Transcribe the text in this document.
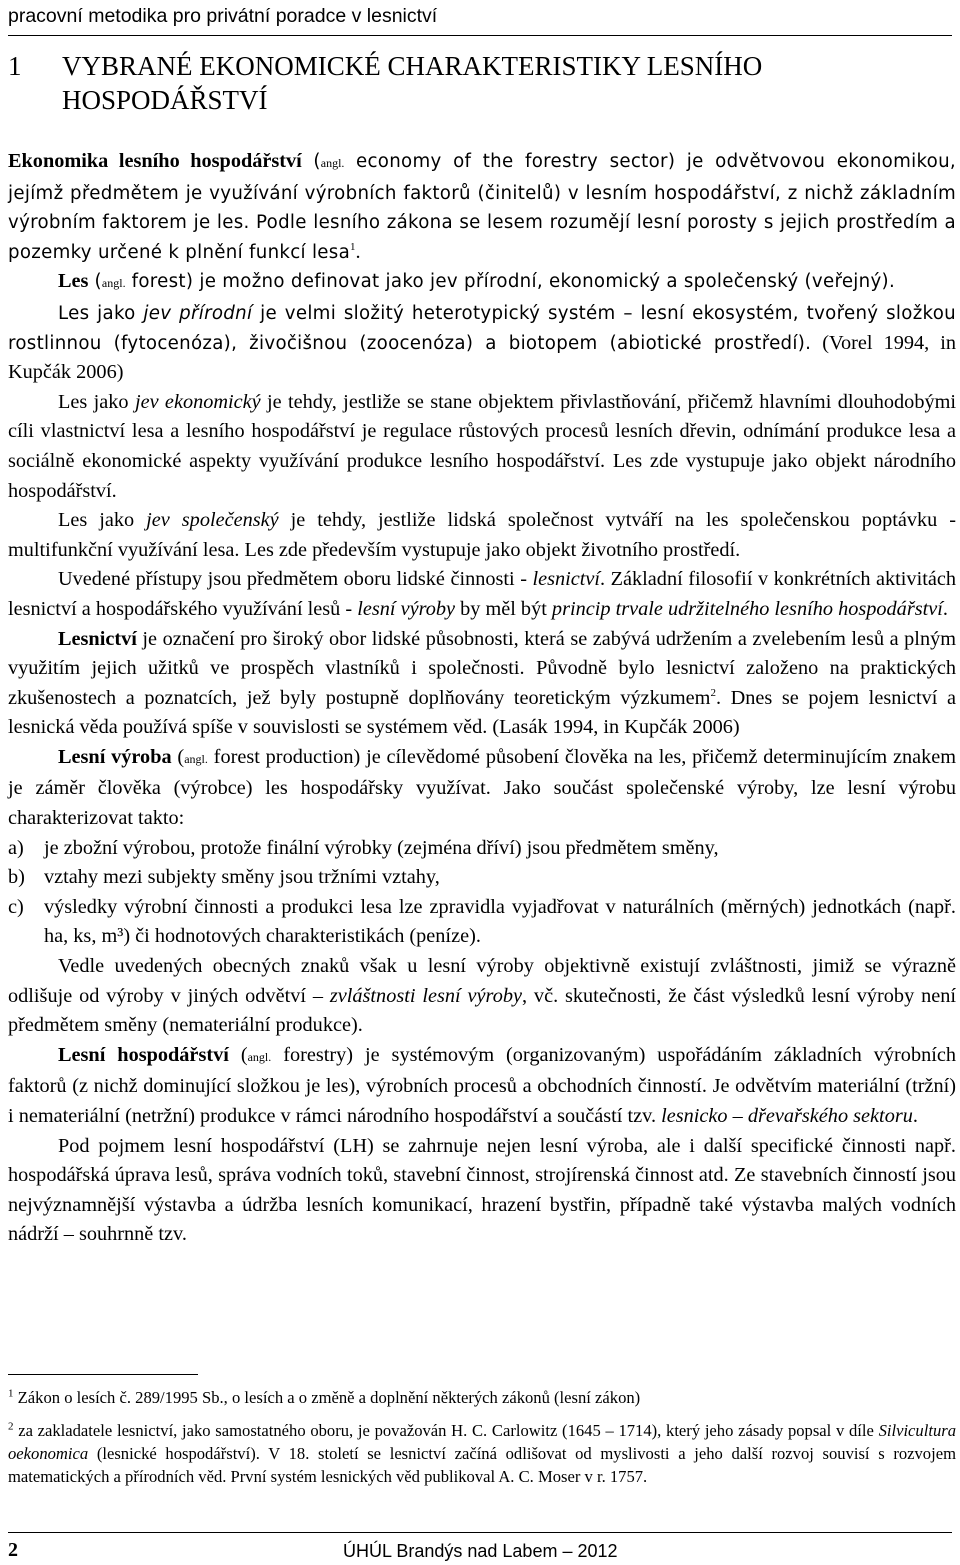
pracovní metodika pro privátní poradce v lesnictví
1 VYBRANÉ EKONOMICKÉ CHARAKTERISTIKY LESNÍHO
HOSPODÁŘSTVÍ

Ekonomika lesního hospodářství (angl. economy of the forestry sector) je odvětvovou ekonomikou, jejímž předmětem je využívání výrobních faktorů (činitelů) v lesním hospodářství, z nichž základním výrobním faktorem je les. Podle lesního zákona se lesem rozumějí lesní porosty s jejich prostředím a pozemky určené k plnění funkcí lesa$^1$.

Les (angl. forest) je možno definovat jako jev přírodní, ekonomický a společenský (veřejný).

Les jako jev přírodní je velmi složitý heterotypický systém – lesní ekosystém, tvořený složkou rostlinnou (fytocenóza), živočišnou (zoocenóza) a biotopem (abiotické prostředí). (Vorel 1994, in Kupčák 2006)

Les jako jev ekonomický je tehdy, jestliže se stane objektem přivlastňování, přičemž hlavními dlouhodobými cíli vlastnictví lesa a lesního hospodářství je regulace růstových procesů lesních dřevin, odnímání produkce lesa a sociálně ekonomické aspekty využívání produkce lesního hospodářství. Les zde vystupuje jako objekt národního hospodářství.

Les jako jev společenský je tehdy, jestliže lidská společnost vytváří na les společenskou poptávku - multifunkční využívání lesa. Les zde především vystupuje jako objekt životního prostředí.

Uvedené přístupy jsou předmětem oboru lidské činnosti - lesnictví. Základní filosofií v konkrétních aktivitách lesnictví a hospodářského využívání lesů - lesní výroby by měl být princip trvale udržitelného lesního hospodářství.

Lesnictví je označení pro široký obor lidské působnosti, která se zabývá udržením a zvelebením lesů a plným využitím jejich užitků ve prospěch vlastníků i společnosti. Původně bylo lesnictví založeno na praktických zkušenostech a poznatcích, jež byly postupně doplňovány teoretickým výzkumem$^2$. Dnes se pojem lesnictví a lesnická věda používá spíše v souvislosti se systémem věd. (Lasák 1994, in Kupčák 2006)

Lesní výroba (angl. forest production) je cílevědomé působení člověka na les, přičemž determinujícím znakem je záměr člověka (výrobce) les hospodářsky využívat. Jako součást společenské výroby, lze lesní výrobu charakterizovat takto:

a) je zbožní výrobou, protože finální výrobky (zejména dříví) jsou předmětem směny,
b) vztahy mezi subjekty směny jsou tržními vztahy,
c) výsledky výrobní činnosti a produkci lesa lze zpravidla vyjadřovat v naturálních (měrných) jednotkách (např. ha, ks, m³) či hodnotových charakteristikách (peníze).

Vedle uvedených obecných znaků však u lesní výroby objektivně existují zvláštnosti, jimiž se výrazně odlišuje od výroby v jiných odvětví – zvláštnosti lesní výroby, vč. skutečnosti, že část výsledků lesní výroby není předmětem směny (nemateriální produkce).

Lesní hospodářství (angl. forestry) je systémovým (organizovaným) uspořádáním základních výrobních faktorů (z nichž dominující složkou je les), výrobních procesů a obchodních činností. Je odvětvím materiální (tržní) i nemateriální (netržní) produkce v rámci národního hospodářství a součástí tzv. lesnicko – dřevařského sektoru.

Pod pojmem lesní hospodářství (LH) se zahrnuje nejen lesní výroba, ale i další specifické činnosti např. hospodářská úprava lesů, správa vodních toků, stavební činnost, strojírenská činnost atd. Ze stavebních činností jsou nejvýznamnější výstavba a údržba lesních komunikací, hrazení bystřin, případně také výstavba malých vodních nádrží – souhrnně tzv.

$^1$ Zákon o lesích č. 289/1995 Sb., o lesích a o změně a doplnění některých zákonů (lesní zákon)

$^2$ za zakladatele lesnictví, jako samostatného oboru, je považován H. C. Carlowitz (1645 – 1714), který jeho zásady popsal v díle Silvicultura oekonomica (lesnické hospodářství). V 18. století se lesnictví začíná odlišovat od myslivosti a jeho další rozvoj souvisí s rozvojem matematických a přírodních věd. První systém lesnických věd publikoval A. C. Moser v r. 1757.

2	ÚHÚL Brandýs nad Labem – 2012
